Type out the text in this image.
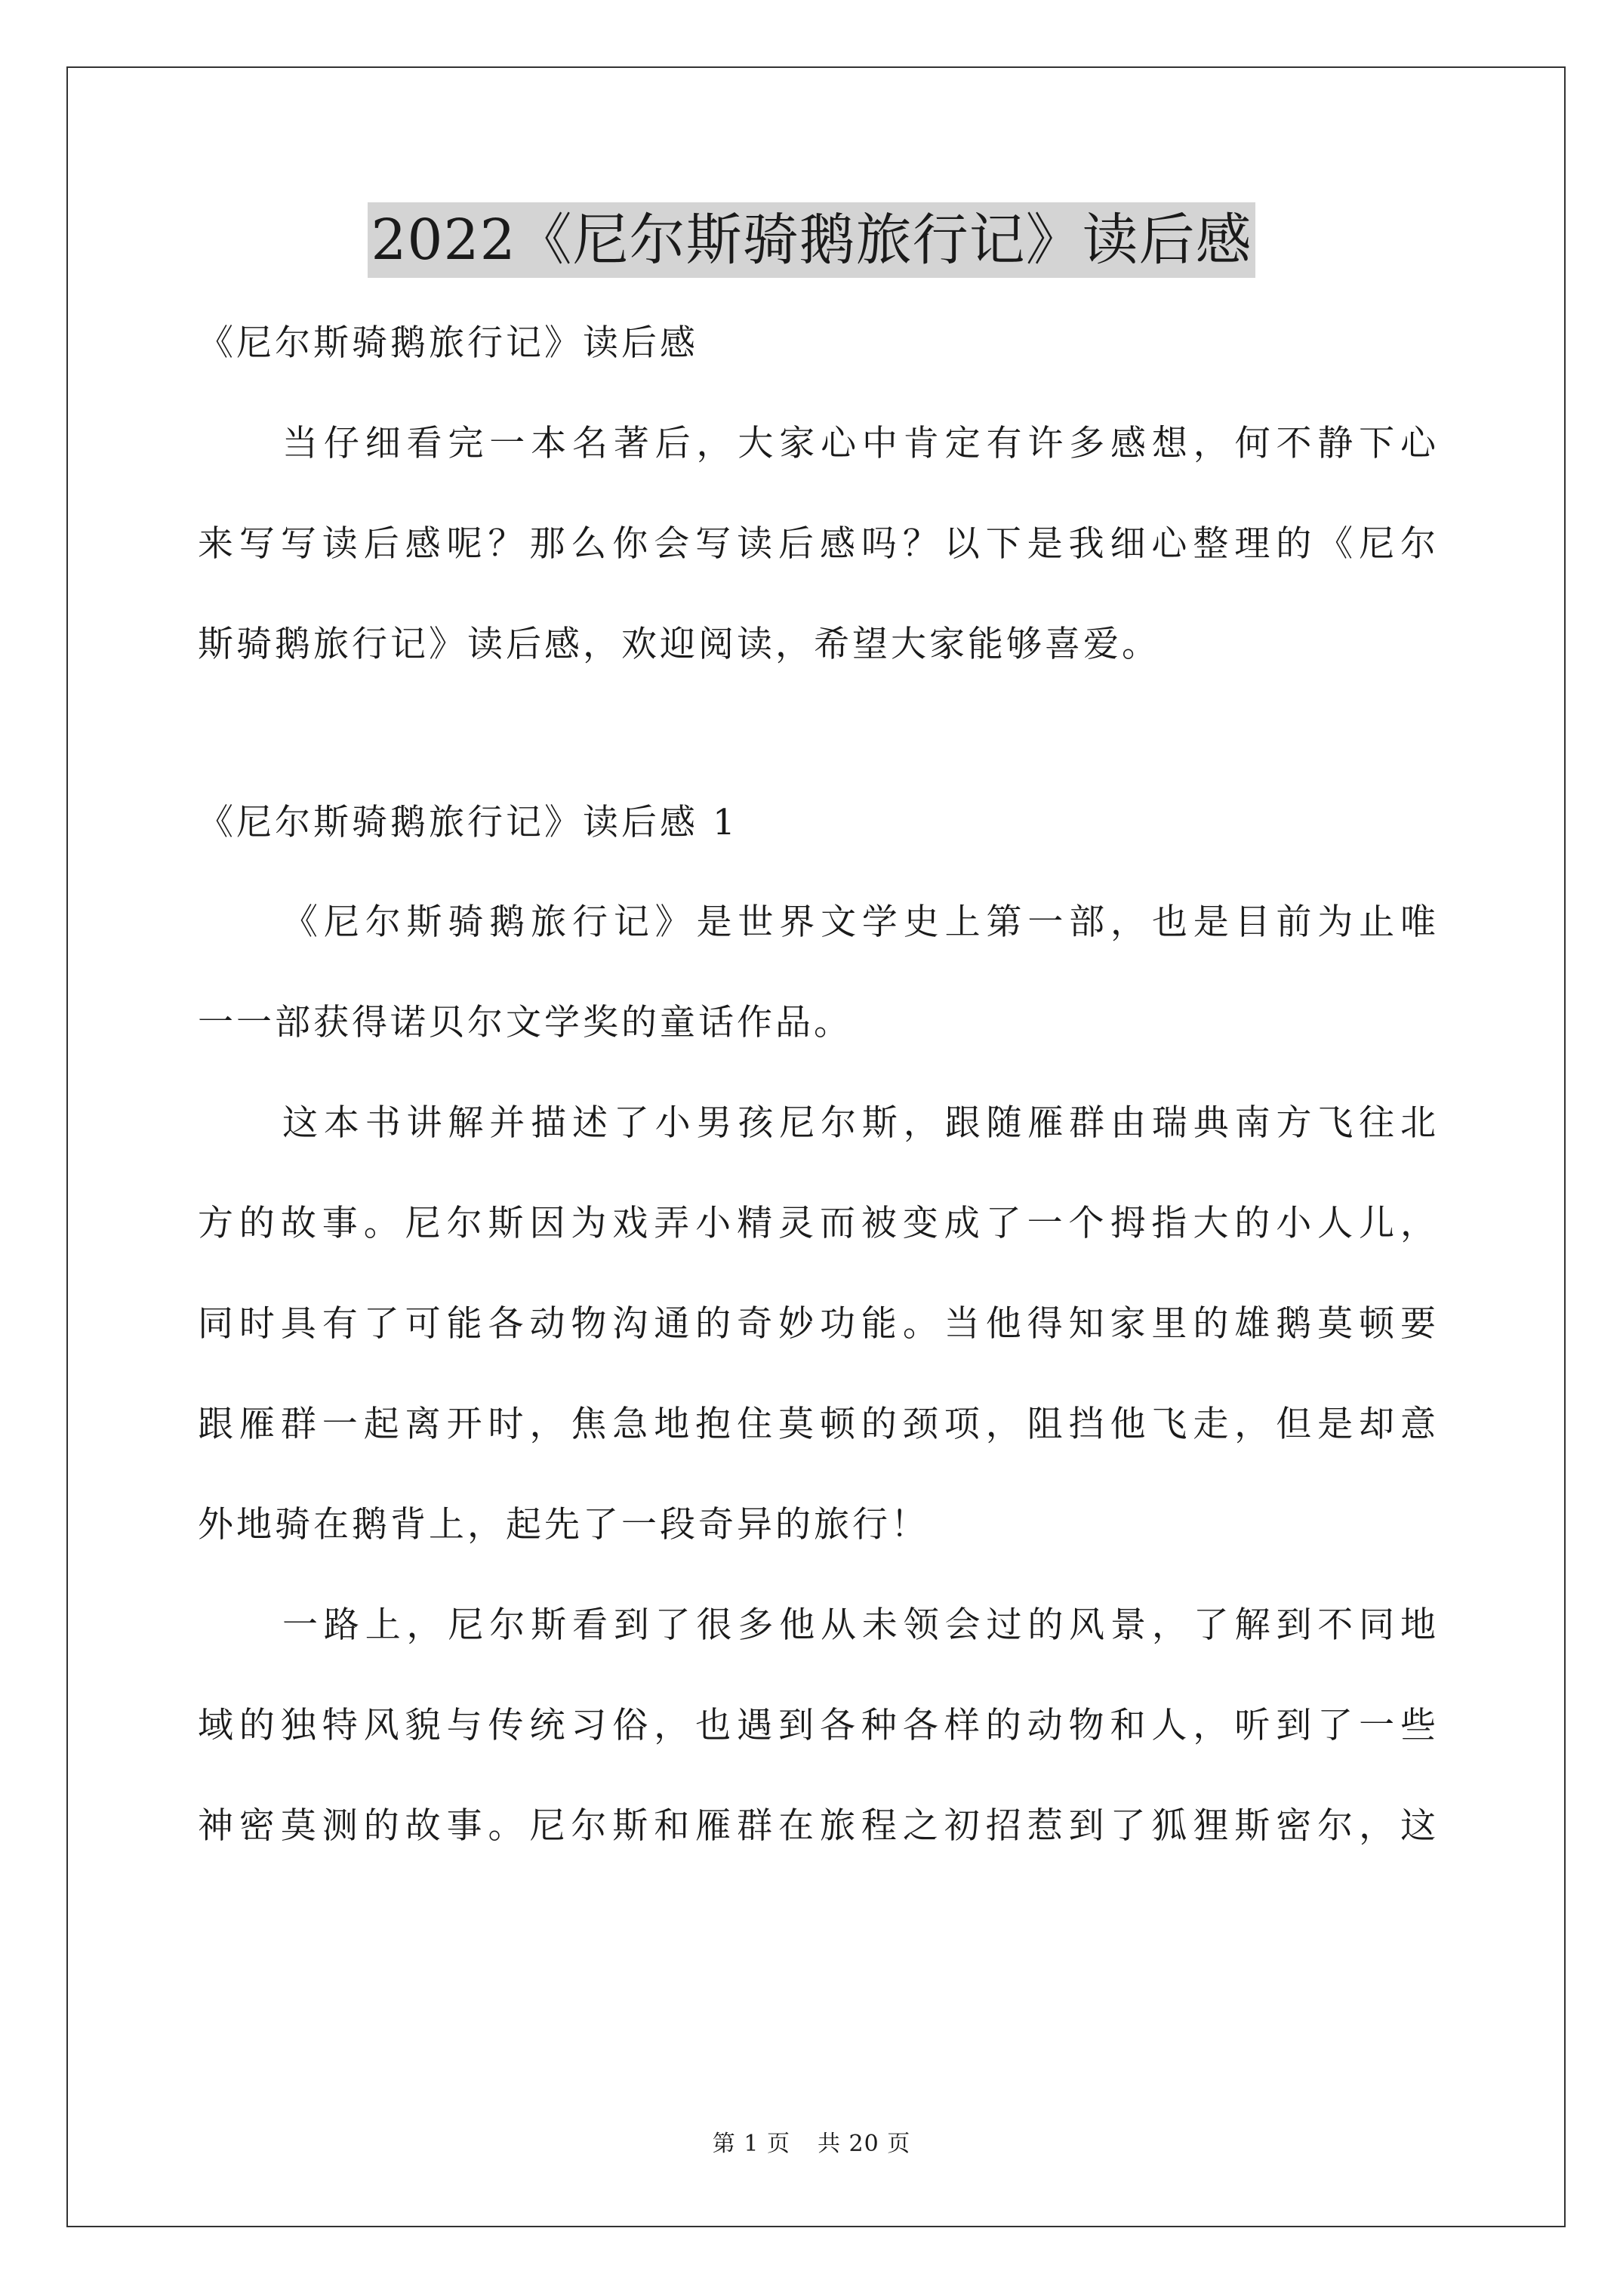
2022《尼尔斯骑鹅旅行记》读后感
《尼尔斯骑鹅旅行记》读后感
当仔细看完一本名著后，大家心中肯定有许多感想，何不静下心
来写写读后感呢？那么你会写读后感吗？以下是我细心整理的《尼尔
斯骑鹅旅行记》读后感，欢迎阅读，希望大家能够喜爱。
《尼尔斯骑鹅旅行记》读后感 1
《尼尔斯骑鹅旅行记》是世界文学史上第一部，也是目前为止唯
一一部获得诺贝尔文学奖的童话作品。
这本书讲解并描述了小男孩尼尔斯，跟随雁群由瑞典南方飞往北
方的故事。尼尔斯因为戏弄小精灵而被变成了一个拇指大的小人儿，
同时具有了可能各动物沟通的奇妙功能。当他得知家里的雄鹅莫顿要
跟雁群一起离开时，焦急地抱住莫顿的颈项，阻挡他飞走，但是却意
外地骑在鹅背上，起先了一段奇异的旅行！
一路上，尼尔斯看到了很多他从未领会过的风景，了解到不同地
域的独特风貌与传统习俗，也遇到各种各样的动物和人，听到了一些
神密莫测的故事。尼尔斯和雁群在旅程之初招惹到了狐狸斯密尔，这
第 1 页 共 20 页
